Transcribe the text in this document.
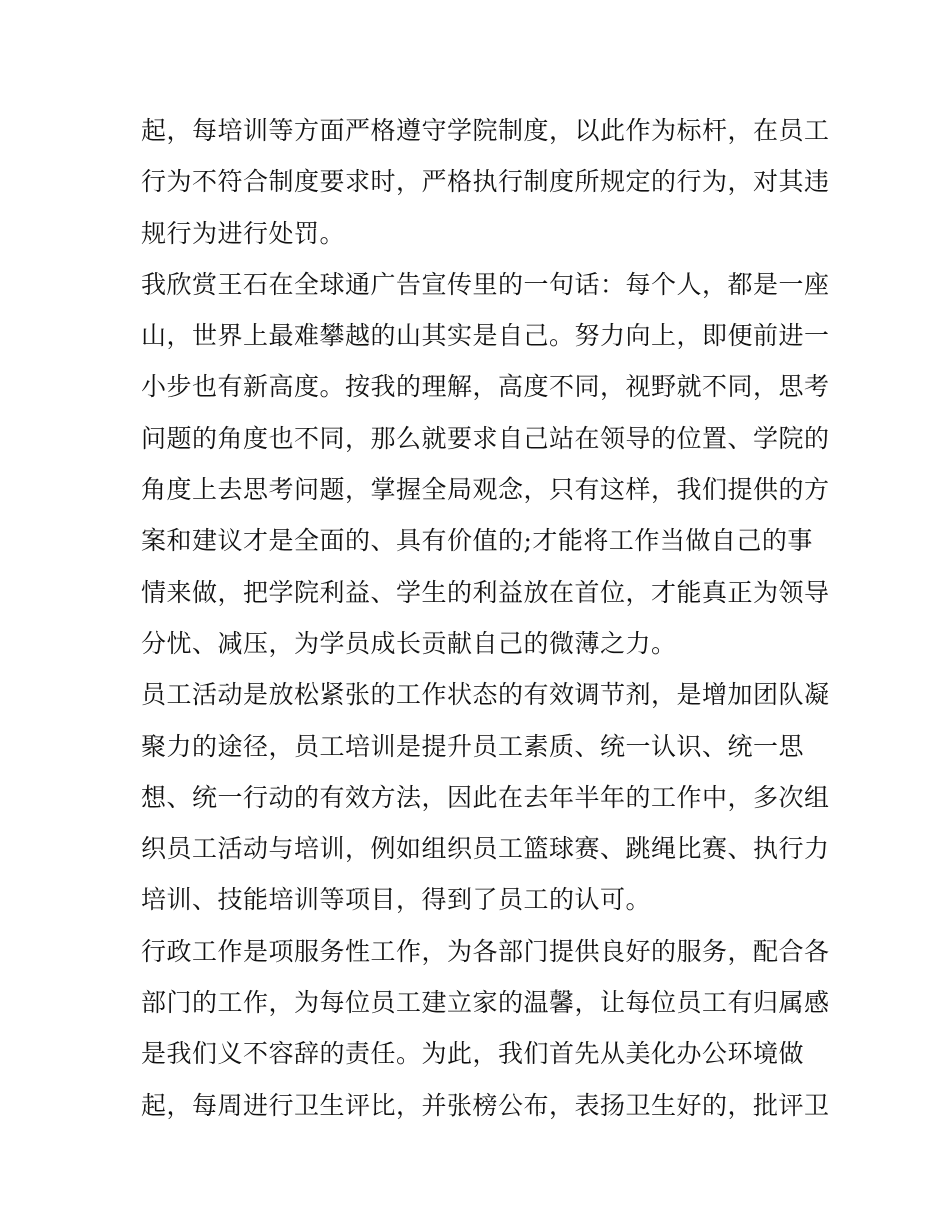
起，每培训等方面严格遵守学院制度，以此作为标杆，在员工
行为不符合制度要求时，严格执行制度所规定的行为，对其违
规行为进行处罚。
我欣赏王石在全球通广告宣传里的一句话：每个人，都是一座
山，世界上最难攀越的山其实是自己。努力向上，即便前进一
小步也有新高度。按我的理解，高度不同，视野就不同，思考
问题的角度也不同，那么就要求自己站在领导的位置、学院的
角度上去思考问题，掌握全局观念，只有这样，我们提供的方
案和建议才是全面的、具有价值的;才能将工作当做自己的事
情来做，把学院利益、学生的利益放在首位，才能真正为领导
分忧、减压，为学员成长贡献自己的微薄之力。
员工活动是放松紧张的工作状态的有效调节剂，是增加团队凝
聚力的途径，员工培训是提升员工素质、统一认识、统一思
想、统一行动的有效方法，因此在去年半年的工作中，多次组
织员工活动与培训，例如组织员工篮球赛、跳绳比赛、执行力
培训、技能培训等项目，得到了员工的认可。
行政工作是项服务性工作，为各部门提供良好的服务，配合各
部门的工作，为每位员工建立家的温馨，让每位员工有归属感
是我们义不容辞的责任。为此，我们首先从美化办公环境做
起，每周进行卫生评比，并张榜公布，表扬卫生好的，批评卫
